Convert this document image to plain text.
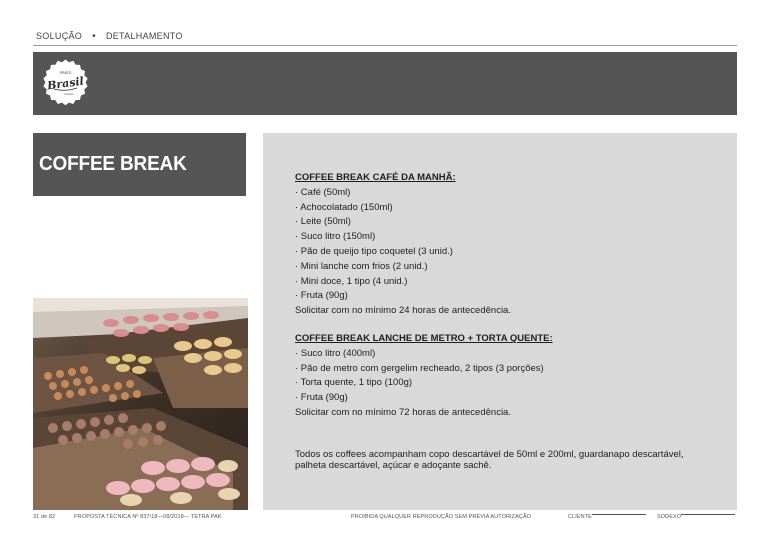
SOLUÇÃO • DETALHAMENTO
PRATO
Brasil
sodexo
COFFEE BREAK

COFFEE BREAK CAFÉ DA MANHÃ:

· Café (50ml)
· Achocolatado (150ml)
· Leite (50ml)
· Suco litro (150ml)
· Pão de queijo tipo coquetel (3 unid.)
· Mini lanche com frios (2 unid.)
· Mini doce, 1 tipo (4 unid.)
· Fruta (90g)

Solicitar com no mínimo 24 horas de antecedência.

COFFEE BREAK LANCHE DE METRO + TORTA QUENTE:

· Suco litro (400ml)
· Pão de metro com gergelim recheado, 2 tipos (3 porções)
· Torta quente, 1 tipo (100g)
· Fruta (90g)

Solicitar com no mínimo 72 horas de antecedência.

Todos os coffees acompanham copo descartável de 50ml e 200ml, guardanapo descartável, palheta descartável, açúcar e adoçante sachê.

31 de 82	PROPOSTA TÉCNICA Nº 837/18—08/2018— TETRA PAK	PROIBIDA QUALQUER REPRODUÇÃO SEM PRÉVIA AUTORIZAÇÃO	CLIENTE	SODEXO
